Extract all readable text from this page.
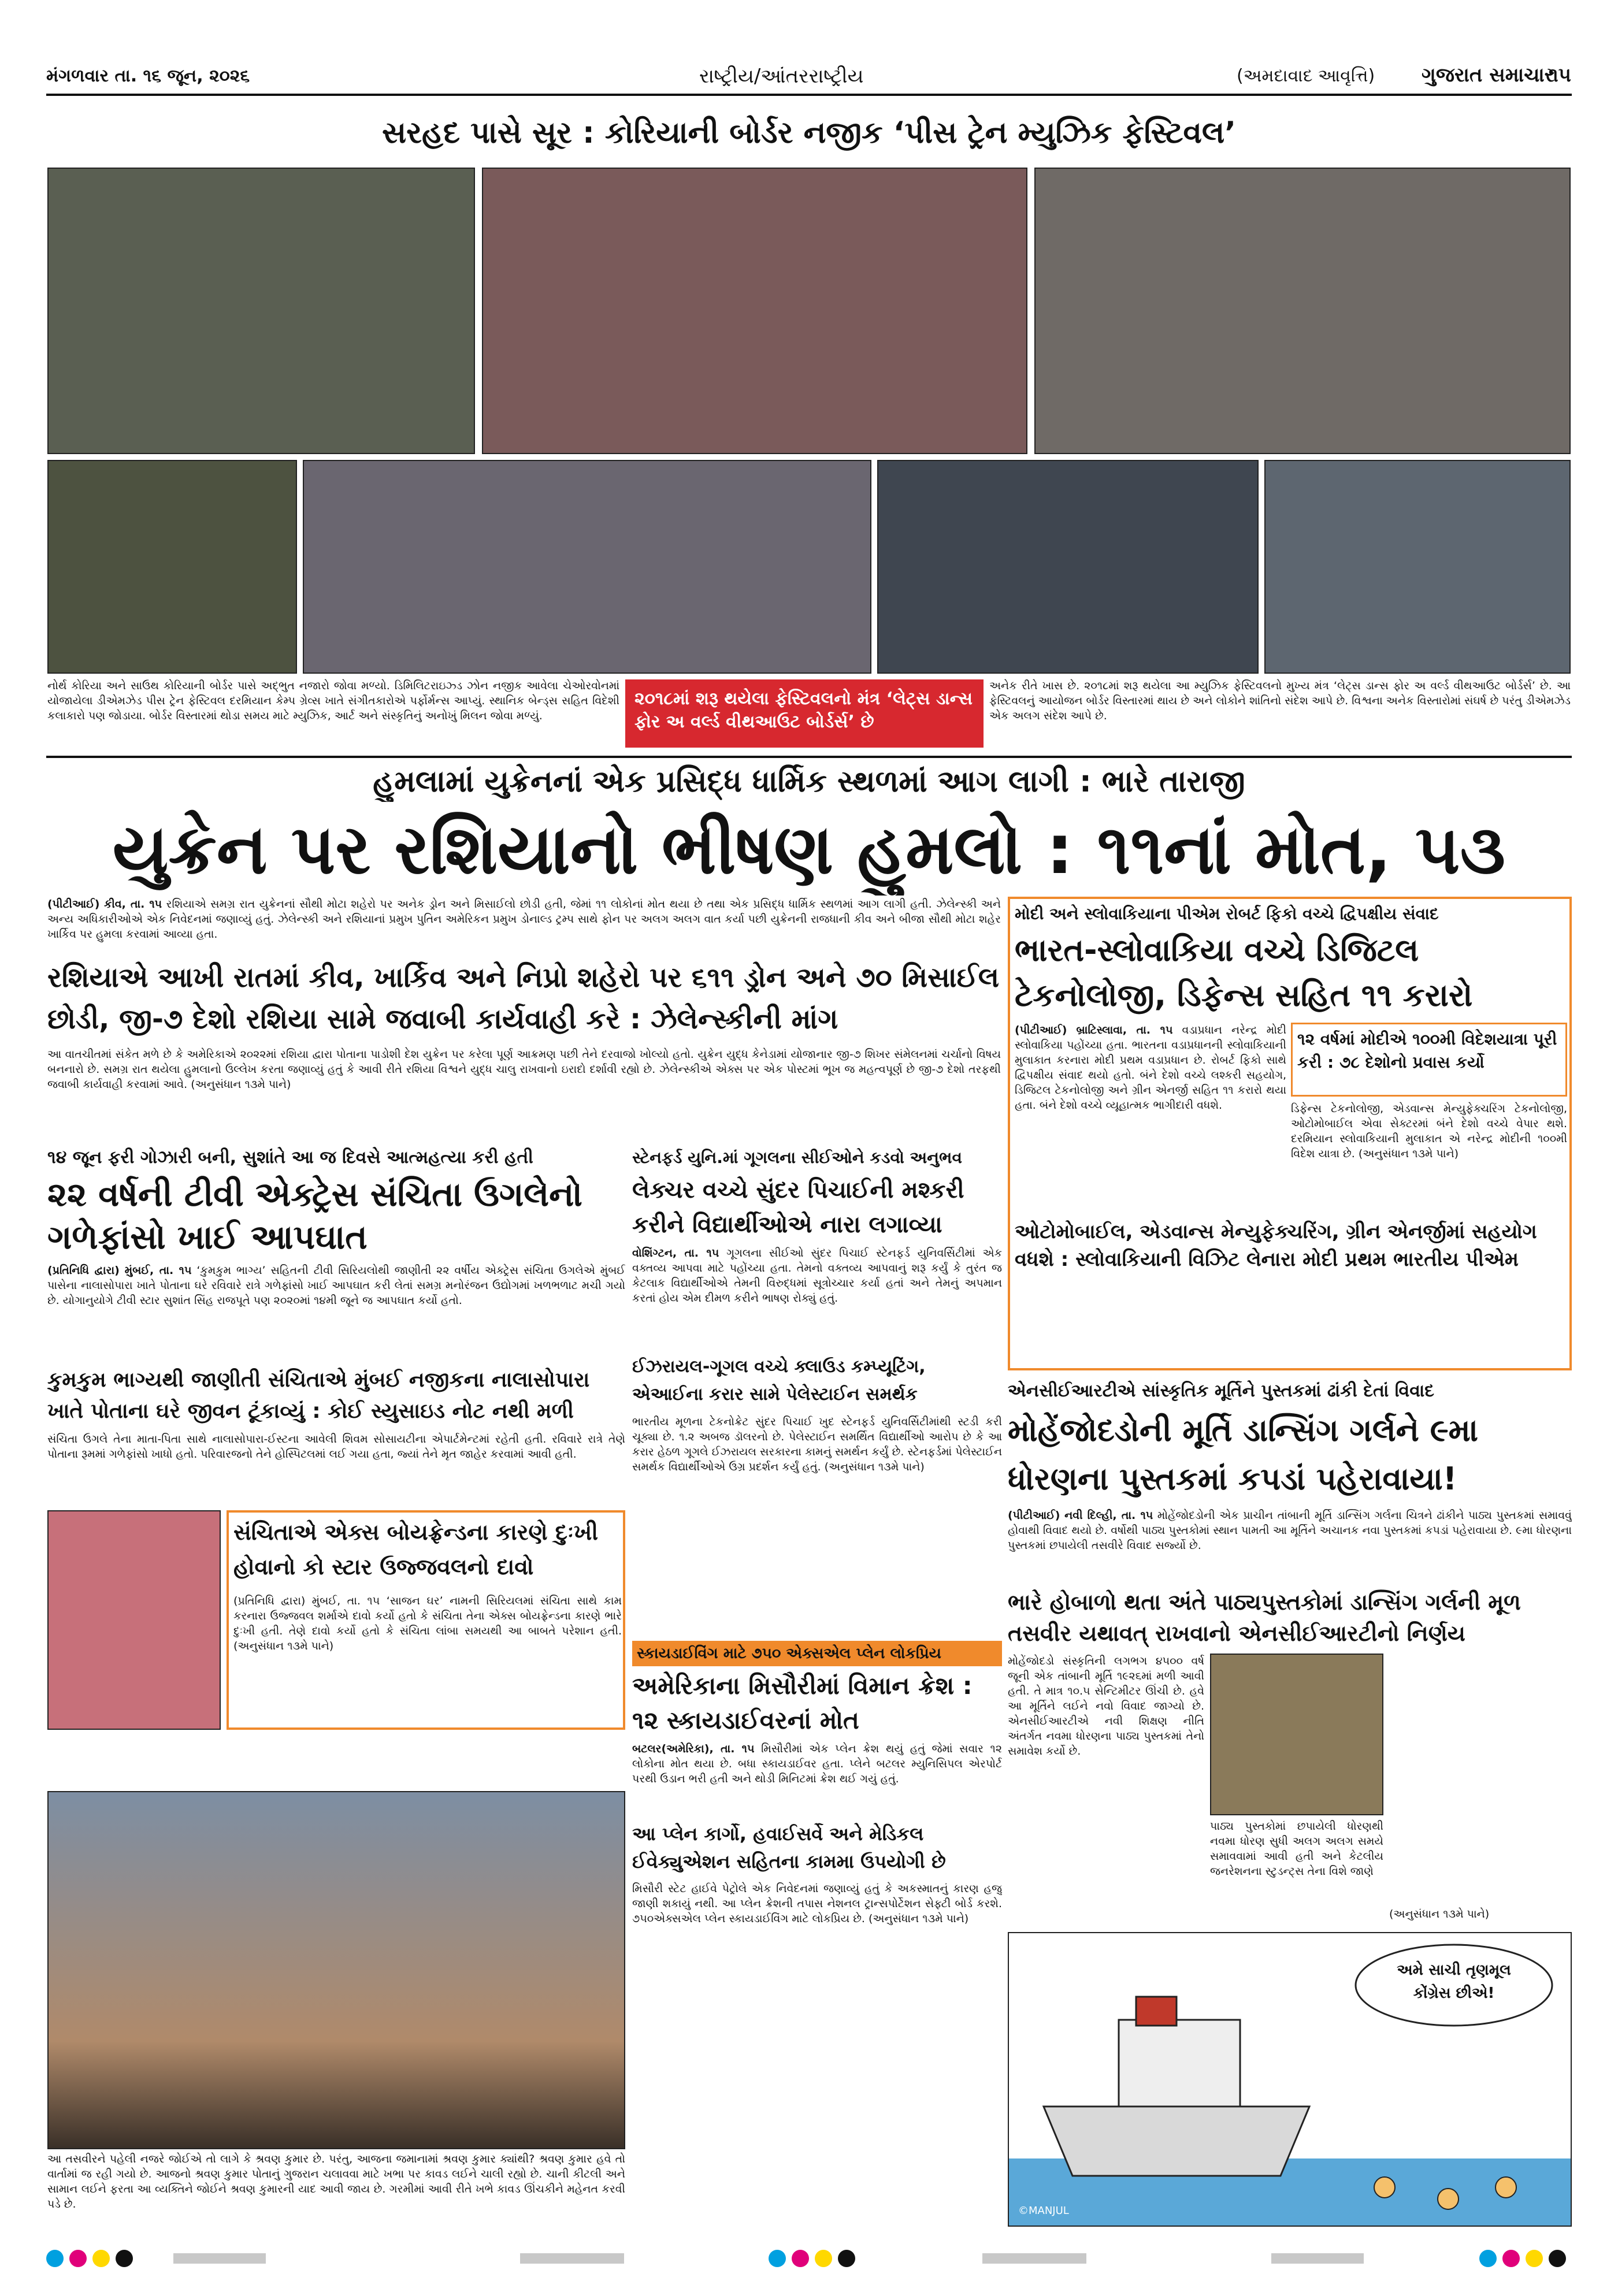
મંગળવાર તા. ૧૬ જૂન, ૨૦૨૬	રાષ્ટ્રીય/આંતરરાષ્ટ્રીય	(અમદાવાદ આવૃત્તિ) ગુજરાત સમાચાર
૧૫
સરહદ પાસે સૂર : કોરિયાની બોર્ડર નજીક ‘પીસ ટ્રેન મ્યુઝિક ફેસ્ટિવલ’
નોર્થ કોરિયા અને સાઉથ કોરિયાની બોર્ડર પાસે અદ્ભુત નજારો જોવા મળ્યો. ડિમિલિટરાઇઝ્ડ ઝોન નજીક આવેલા ચેઓરવોનમાં યોજાયેલા ડીએમઝેડ પીસ ટ્રેન ફેસ્ટિવલ દરમિયાન કેમ્પ ગ્રેવ્સ ખાતે સંગીતકારોએ પર્ફોર્મન્સ આપ્યું. સ્થાનિક બેન્ડ્સ સહિત વિદેશી કલાકારો પણ જોડાયા. બોર્ડર વિસ્તારમાં થોડા સમય માટે મ્યુઝિક, આર્ટ અને સંસ્કૃતિનું અનોખું મિલન જોવા મળ્યું.
૨૦૧૮માં શરૂ થયેલા ફેસ્ટિવલનો મંત્ર ‘લેટ્સ ડાન્સ ફોર અ વર્લ્ડ વીથઆઉટ બોર્ડર્સ’ છે
અનેક રીતે ખાસ છે. ૨૦૧૮માં શરૂ થયેલા આ મ્યુઝિક ફેસ્ટિવલનો મુખ્ય મંત્ર ‘લેટ્સ ડાન્સ ફોર અ વર્લ્ડ વીથઆઉટ બોર્ડર્સ’ છે. આ ફેસ્ટિવલનું આયોજન બોર્ડર વિસ્તારમાં થાય છે અને લોકોને શાંતિનો સંદેશ આપે છે. વિશ્વના અનેક વિસ્તારોમાં સંઘર્ષ છે પરંતુ ડીએમઝેડ એક અલગ સંદેશ આપે છે.
હુમલામાં યુક્રેનનાં એક પ્રસિદ્ધ ધાર્મિક સ્થળમાં આગ લાગી : ભારે તારાજી
યુક્રેન પર રશિયાનો ભીષણ હુમલો : ૧૧નાં મોત, ૫૩
(પીટીઆઈ) કીવ, તા. ૧૫ રશિયાએ સમગ્ર રાત યુક્રેનનાં સૌથી મોટા શહેરો પર અનેક ડ્રોન અને મિસાઈલો છોડી હતી, જેમાં ૧૧ લોકોનાં મોત થયા છે તથા એક પ્રસિદ્ધ ધાર્મિક સ્થળમાં આગ લાગી હતી. ઝેલેન્સ્કી અને અન્ય અધિકારીઓએ એક નિવેદનમાં જણાવ્યું હતું. ઝેલેન્સ્કી અને રશિયાનાં પ્રમુખ પુતિન અમેરિકન પ્રમુખ ડોનાલ્ડ ટ્રમ્પ સાથે ફોન પર અલગ અલગ વાત કર્યા પછી યુક્રેનની રાજધાની કીવ અને બીજા સૌથી મોટા શહેર ખાર્કિવ પર હુમલા કરવામાં આવ્યા હતા.
રશિયાએ આખી રાતમાં કીવ, ખાર્કિવ અને નિપ્રો શહેરો પર ૬૧૧ ડ્રોન અને ૭૦ મિસાઈલ છોડી, જી-૭ દેશો રશિયા સામે જવાબી કાર્યવાહી કરે : ઝેલેન્સ્કીની માંગ
આ વાતચીતમાં સંકેત મળે છે કે અમેરિકાએ ૨૦૨૨માં રશિયા દ્વારા પોતાના પાડોશી દેશ યુક્રેન પર કરેલા પૂર્ણ આક્રમણ પછી તેને દરવાજો ખોલ્યો હતો. યુક્રેન યુદ્ધ કેનેડામાં યોજાનાર જી-૭ શિખર સંમેલનમાં ચર્ચાનો વિષય બનનારો છે. સમગ્ર રાત થયેલા હુમલાનો ઉલ્લેખ કરતા જણાવ્યું હતું કે આવી રીતે રશિયા વિશ્વને યુદ્ધ ચાલુ રાખવાનો ઇરાદો દર્શાવી રહ્યો છે. ઝેલેન્સ્કીએ એક્સ પર એક પોસ્ટમાં ભૂખ જ મહત્વપૂર્ણ છે જી-૭ દેશો તરફથી જવાબી કાર્યવાહી કરવામાં આવે. (અનુસંધાન ૧૩મે પાને)
મોદી અને સ્લોવાકિયાના પીએમ રોબર્ટ ફિકો વચ્ચે દ્વિપક્ષીય સંવાદ
ભારત-સ્લોવાકિયા વચ્ચે ડિજિટલ ટેકનોલોજી, ડિફેન્સ સહિત ૧૧ કરારો
(પીટીઆઈ) બ્રાટિસ્લાવા, તા. ૧૫ વડાપ્રધાન નરેન્દ્ર મોદી સ્લોવાકિયા પહોંચ્યા હતા. ભારતના વડાપ્રધાનની સ્લોવાકિયાની મુલાકાત કરનારા મોદી પ્રથમ વડાપ્રધાન છે. રોબર્ટ ફિકો સાથે દ્વિપક્ષીય સંવાદ થયો હતો. બંને દેશો વચ્ચે લશ્કરી સહયોગ, ડિજિટલ ટેકનોલોજી અને ગ્રીન એનર્જી સહિત ૧૧ કરારો થયા હતા. બંને દેશો વચ્ચે વ્યૂહાત્મક ભાગીદારી વધશે.
૧૨ વર્ષમાં મોદીએ ૧૦૦મી વિદેશયાત્રા પૂરી કરી : ૭૮ દેશોનો પ્રવાસ કર્યો
ડિફેન્સ ટેકનોલોજી, એડવાન્સ મેન્યુફેક્ચરિંગ ટેકનોલોજી, ઓટોમોબાઈલ એવા સેક્ટરમાં બંને દેશો વચ્ચે વેપાર થશે. દરમિયાન સ્લોવાકિયાની મુલાકાત એ નરેન્દ્ર મોદીની ૧૦૦મી વિદેશ યાત્રા છે. (અનુસંધાન ૧૩મે પાને)
ઓટોમોબાઈલ, એડવાન્સ મેન્યુફેક્ચરિંગ, ગ્રીન એનર્જીમાં સહયોગ વધશે : સ્લોવાકિયાની વિઝિટ લેનારા મોદી પ્રથમ ભારતીય પીએમ
૧૪ જૂન ફરી ગોઝારી બની, સુશાંતે આ જ દિવસે આત્મહત્યા કરી હતી
૨૨ વર્ષની ટીવી એક્ટ્રેસ સંચિતા ઉગલેનો ગળેફાંસો ખાઈ આપઘાત
(પ્રતિનિધિ દ્વારા) મુંબઈ, તા. ૧૫ ‘કુમકુમ ભાગ્ય’ સહિતની ટીવી સિરિયલોથી જાણીતી ૨૨ વર્ષીય એક્ટ્રેસ સંચિતા ઉગલેએ મુંબઈ પાસેના નાલાસોપારા ખાતે પોતાના ઘરે રવિવારે રાત્રે ગળેફાંસો ખાઈ આપઘાત કરી લેતાં સમગ્ર મનોરંજન ઉદ્યોગમાં ખળભળાટ મચી ગયો છે. યોગાનુયોગે ટીવી સ્ટાર સુશાંત સિંહ રાજપૂતે પણ ૨૦૨૦માં ૧૪મી જૂને જ આપઘાત કર્યો હતો.
કુમકુમ ભાગ્યથી જાણીતી સંચિતાએ મુંબઈ નજીકના નાલાસોપારા ખાતે પોતાના ઘરે જીવન ટૂંકાવ્યું : કોઈ સ્યુસાઇડ નોટ નથી મળી
સંચિતા ઉગલે તેના માતા-પિતા સાથે નાલાસોપારા-ઈસ્ટના આવેલી શિવમ સોસાયટીના એપાર્ટમેન્ટમાં રહેતી હતી. રવિવારે રાત્રે તેણે પોતાના રૂમમાં ગળેફાંસો ખાધો હતો. પરિવારજનો તેને હોસ્પિટલમાં લઈ ગયા હતા, જ્યાં તેને મૃત જાહેર કરવામાં આવી હતી.
સંચિતાએ એક્સ બોયફ્રેન્ડના કારણે દુઃખી હોવાનો કો સ્ટાર ઉજ્જવલનો દાવો
(પ્રતિનિધિ દ્વારા) મુંબઈ, તા. ૧૫ ‘સાજન ઘર’ નામની સિરિયલમાં સંચિતા સાથે કામ કરનારા ઉજ્જવલ શર્માએ દાવો કર્યો હતો કે સંચિતા તેના એક્સ બોયફ્રેન્ડના કારણે ભારે દુઃખી હતી. તેણે દાવો કર્યો હતો કે સંચિતા લાંબા સમયથી આ બાબતે પરેશાન હતી. (અનુસંધાન ૧૩મે પાને)
સ્ટેનફર્ડ યુનિ.માં ગૂગલના સીઈઓને કડવો અનુભવ
લેક્ચર વચ્ચે સુંદર પિચાઈની મશ્કરી કરીને વિદ્યાર્થીઓએ નારા લગાવ્યા
વોશિંગ્ટન, તા. ૧૫ ગૂગલના સીઈઓ સુંદર પિચાઈ સ્ટેનફર્ડ યુનિવર્સિટીમાં એક વક્તવ્ય આપવા માટે પહોંચ્યા હતા. તેમનો વક્તવ્ય આપવાનું શરૂ કર્યું કે તુરંત જ કેટલાક વિદ્યાર્થીઓએ તેમની વિરુદ્ધમાં સૂત્રોચ્ચાર કર્યા હતાં અને તેમનું અપમાન કરતાં હોય એમ દીમળ કરીને ભાષણ રોક્યું હતું.
ઈઝરાયલ-ગૂગલ વચ્ચે ક્લાઉડ કમ્પ્યૂટિંગ, એઆઈના કરાર સામે પેલેસ્ટાઈન સમર્થક
ભારતીય મૂળના ટેકનોક્રેટ સુંદર પિચાઈ ખુદ સ્ટેનફર્ડ યુનિવર્સિટીમાંથી સ્ટડી કરી ચૂક્યા છે. ૧.૨ અબજ ડૉલરનો છે. પેલેસ્ટાઈન સમર્થિત વિદ્યાર્થીઓ આરોપ છે કે આ કરાર હેઠળ ગૂગલે ઈઝરાયલ સરકારના કામનું સમર્થન કર્યું છે. સ્ટેનફર્ડમાં પેલેસ્ટાઈન સમર્થક વિદ્યાર્થીઓએ ઉગ્ર પ્રદર્શન કર્યું હતું. (અનુસંધાન ૧૩મે પાને)
સ્કાયડાઈવિંગ માટે ૭૫૦ એક્સએલ પ્લેન લોકપ્રિય
અમેરિકાના મિસૌરીમાં વિમાન ક્રેશ : ૧૨ સ્કાયડાઈવરનાં મોત
બટલર(અમેરિકા), તા. ૧૫ મિસૌરીમાં એક પ્લેન ક્રેશ થયું હતું જેમાં સવાર ૧૨ લોકોના મોત થયા છે. બધા સ્કાયડાઈવર હતા. પ્લેને બટલર મ્યુનિસિપલ એરપોર્ટ પરથી ઉડાન ભરી હતી અને થોડી મિનિટમાં ક્રેશ થઈ ગયું હતું.
આ પ્લેન કાર્ગો, હવાઈસર્વે અને મેડિકલ ઈવેક્યુએશન સહિતના કામમા ઉપયોગી છે
મિસૌરી સ્ટેટ હાઈવે પેટ્રોલે એક નિવેદનમાં જણાવ્યું હતું કે અકસ્માતનું કારણ હજુ જાણી શકાયું નથી. આ પ્લેન ક્રેશની તપાસ નેશનલ ટ્રાન્સપોર્ટેશન સેફ્ટી બોર્ડ કરશે. ૭૫૦એક્સએલ પ્લેન સ્કાયડાઈવિંગ માટે લોકપ્રિય છે. (અનુસંધાન ૧૩મે પાને)
એનસીઈઆરટીએ સાંસ્કૃતિક મૂર્તિને પુસ્તકમાં ઢાંકી દેતાં વિવાદ
મોહેંજોદડોની મૂર્તિ ડાન્સિંગ ગર્લને ૯મા ધોરણના પુસ્તકમાં કપડાં પહેરાવાયા!
(પીટીઆઈ) નવી દિલ્હી, તા. ૧૫ મોહેંજોદડોની એક પ્રાચીન તાંબાની મૂર્તિ ડાન્સિંગ ગર્લના ચિત્રને ઢાંકીને પાઠ્ય પુસ્તકમાં સમાવવું હોવાથી વિવાદ થયો છે. વર્ષોથી પાઠ્ય પુસ્તકોમાં સ્થાન પામતી આ મૂર્તિને અચાનક નવા પુસ્તકમાં કપડાં પહેરાવાયા છે. ૯મા ધોરણના પુસ્તકમાં છપાયેલી તસવીરે વિવાદ સર્જ્યો છે.
ભારે હોબાળો થતા અંતે પાઠ્યપુસ્તકોમાં ડાન્સિંગ ગર્લની મૂળ તસવીર યથાવત્ રાખવાનો એનસીઈઆરટીનો નિર્ણય
મોહેંજોદડો સંસ્કૃતિની લગભગ ૪૫૦૦ વર્ષ જૂની એક તાંબાની મૂર્તિ ૧૯૨૬માં મળી આવી હતી. તે માત્ર ૧૦.૫ સેન્ટિમીટર ઊંચી છે. હવે આ મૂર્તિને લઈને નવો વિવાદ જાગ્યો છે. એનસીઈઆરટીએ નવી શિક્ષણ નીતિ અંતર્ગત નવમા ધોરણના પાઠ્ય પુસ્તકમાં તેનો સમાવેશ કર્યો છે.
પાઠ્ય પુસ્તકોમાં છપાયેલી ધોરણથી નવમા ધોરણ સુધી અલગ અલગ સમયે સમાવવામાં આવી હતી અને કેટલીય જનરેશનના સ્ટુડન્ટ્સ તેના વિશે જાણે
(અનુસંધાન ૧૩મે પાને)
આ તસવીરને પહેલી નજરે જોઈએ તો લાગે કે શ્રવણ કુમાર છે. પરંતુ, આજના જમાનામાં શ્રવણ કુમાર ક્યાંથી? શ્રવણ કુમાર હવે તો વાર્તામાં જ રહી ગયો છે. આજનો શ્રવણ કુમાર પોતાનું ગુજરાન ચલાવવા માટે ખભા પર કાવડ લઈને ચાલી રહ્યો છે. ચાની કીટલી અને સામાન લઈને ફરતા આ વ્યક્તિને જોઈને શ્રવણ કુમારની યાદ આવી જાય છે. ગરમીમાં આવી રીતે ખભે કાવડ ઊંચકીને મહેનત કરવી પડે છે.
અમે સાચી તૃણમૂલ કોંગ્રેસ છીએ!
©MANJUL
